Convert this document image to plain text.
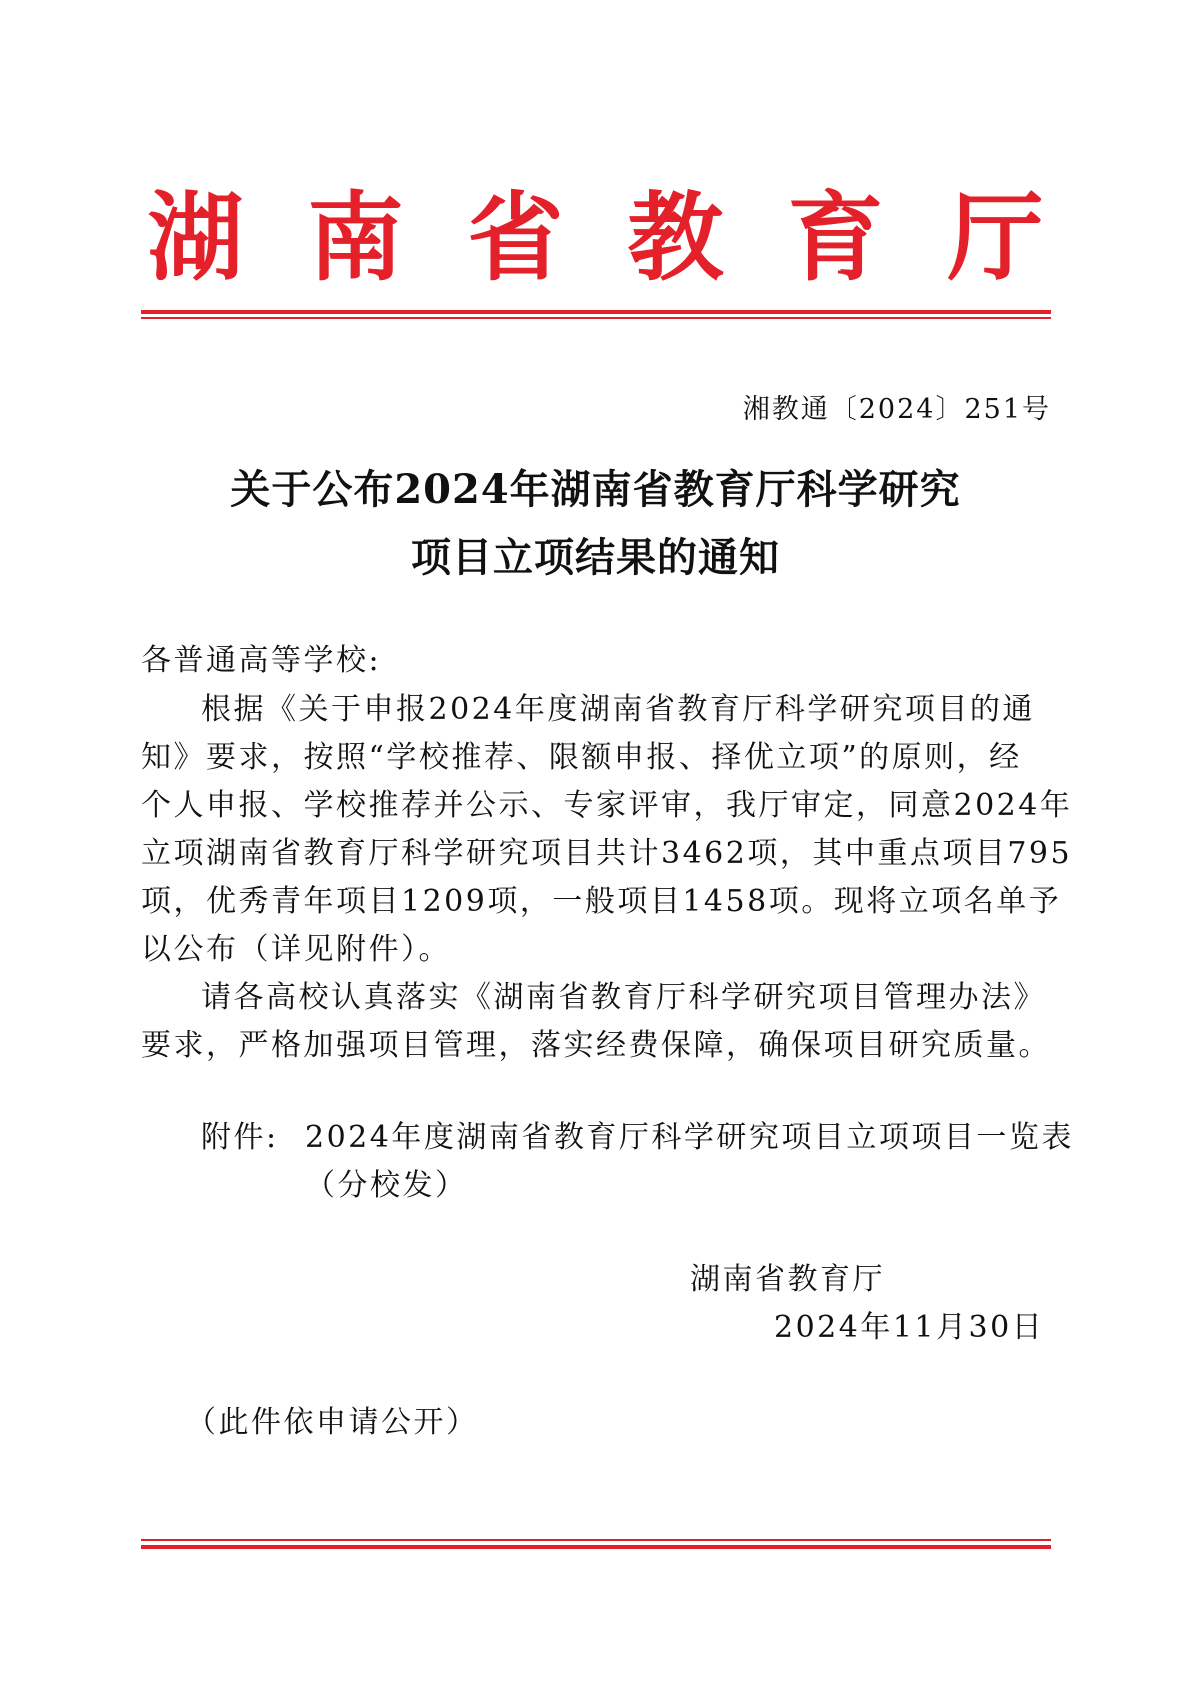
湖南省教育厅
湘教通〔2024〕251号
关于公布2024年湖南省教育厅科学研究
项目立项结果的通知
各普通高等学校:
根据《关于申报2024年度湖南省教育厅科学研究项目的通
知》要求，按照“学校推荐、限额申报、择优立项”的原则，经
个人申报、学校推荐并公示、专家评审，我厅审定，同意2024年
立项湖南省教育厅科学研究项目共计3462项，其中重点项目795
项，优秀青年项目1209项，一般项目1458项。现将立项名单予
以公布（详见附件）。
请各高校认真落实《湖南省教育厅科学研究项目管理办法》
要求，严格加强项目管理，落实经费保障，确保项目研究质量。
附件: 2024年度湖南省教育厅科学研究项目立项项目一览表
（分校发）
湖南省教育厅
2024年11月30日
（此件依申请公开）
